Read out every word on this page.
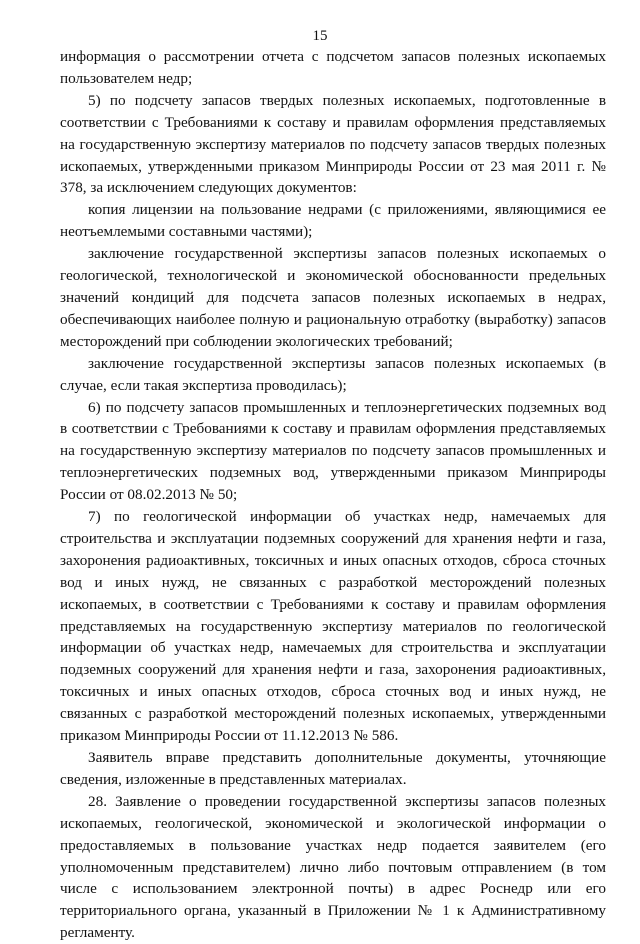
15

информация о рассмотрении отчета с подсчетом запасов полезных ископаемых пользователем недр;

5) по подсчету запасов твердых полезных ископаемых, подготовленные в соответствии с Требованиями к составу и правилам оформления представляемых на государственную экспертизу материалов по подсчету запасов твердых полезных ископаемых, утвержденными приказом Минприроды России от 23 мая 2011 г. № 378, за исключением следующих документов:

копия лицензии на пользование недрами (с приложениями, являющимися ее неотъемлемыми составными частями);

заключение государственной экспертизы запасов полезных ископаемых о геологической, технологической и экономической обоснованности предельных значений кондиций для подсчета запасов полезных ископаемых в недрах, обеспечивающих наиболее полную и рациональную отработку (выработку) запасов месторождений при соблюдении экологических требований;

заключение государственной экспертизы запасов полезных ископаемых (в случае, если такая экспертиза проводилась);

6) по подсчету запасов промышленных и теплоэнергетических подземных вод в соответствии с Требованиями к составу и правилам оформления представляемых на государственную экспертизу материалов по подсчету запасов промышленных и теплоэнергетических подземных вод, утвержденными приказом Минприроды России от 08.02.2013 № 50;

7) по геологической информации об участках недр, намечаемых для строительства и эксплуатации подземных сооружений для хранения нефти и газа, захоронения радиоактивных, токсичных и иных опасных отходов, сброса сточных вод и иных нужд, не связанных с разработкой месторождений полезных ископаемых, в соответствии с Требованиями к составу и правилам оформления представляемых на государственную экспертизу материалов по геологической информации об участках недр, намечаемых для строительства и эксплуатации подземных сооружений для хранения нефти и газа, захоронения радиоактивных, токсичных и иных опасных отходов, сброса сточных вод и иных нужд, не связанных с разработкой месторождений полезных ископаемых, утвержденными приказом Минприроды России от 11.12.2013 № 586.

Заявитель вправе представить дополнительные документы, уточняющие сведения, изложенные в представленных материалах.

28. Заявление о проведении государственной экспертизы запасов полезных ископаемых, геологической, экономической и экологической информации о предоставляемых в пользование участках недр подается заявителем (его уполномоченным представителем) лично либо почтовым отправлением (в том числе с использованием электронной почты) в адрес Роснедр или его территориального органа, указанный в Приложении № 1 к Административному регламенту.
